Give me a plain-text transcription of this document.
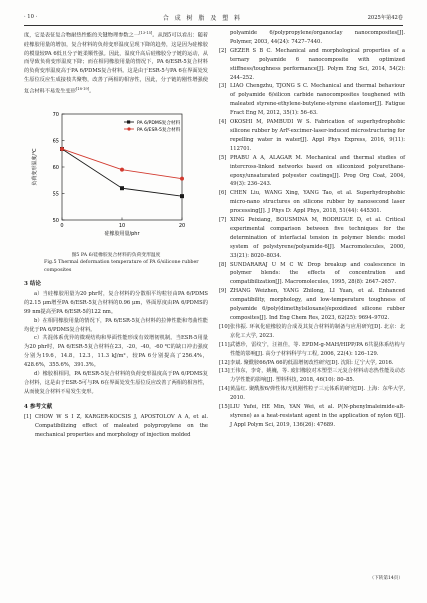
· 10 ·	合 成 树 脂 及 塑 料	2025年第42卷

度，它是表征复合物耐热性能的关键物理参数之一[13-15]。从图5可以看出：随着硅橡胶用量的增加，复合材料的负荷变形温度呈现下降的趋势，这是因为硅橡胶的模量较PA 6低且分子链柔顺性强。因此，温度升高后硅橡胶分子链的运动，从而导致负荷变形温度下降；而在相同橡胶用量的情况下，PA 6/ESR-5复合材料的负荷变形温度高于PA 6/PDMS复合材料。这是由于ESR-5与PA 6在界面处发生原位反应生成接枝共聚物，改善了两相的相容性，因此，分子链的刚性增强使复合材料不易发生变形[18-19]。

50
55
60
65
70
0	10	20
硅橡胶用量/phr
负荷变形温度/℃
PA 6/PDMS复合材料
PA 6/ESR-5复合材料
图5 PA 6/硅橡胶复合材料的负荷变形温度
Fig.5 Thermal deformation temperature of PA 6/silicone rubber composites
3 结论

a）当硅橡胶用量为20 phr时，复合材料的分散相平均粒径由PA 6/PDMS的2.15 μm增至PA 6/ESR-5复合材料的0.96 μm，界面厚度由PA 6/PDMS的99 nm提高至PA 6/ESR-5的122 nm。

b）在相同橡胶用量的情况下，PA 6/ESR-5复合材料的拉伸性能和弯曲性能均优于PA 6/PDMS复合材料。

c）共混体系优异的微观结构和界面性能形成有效增韧机制。当ESR-5用量为20 phr时，PA 6/ESR-5复合材料在23，-20，-40，-60 ℃的缺口冲击强度分别为19.6，14.8，12.3，11.3 kJ/m²，较PA 6分别提高了256.4%，428.6%，355.6%，391.3%。

d）橡胶相相同，PA 6/ESR-5复合材料的负荷变形温度高于PA 6/PDMS复合材料，这是由于ESR-5可与PA 6在界面处发生原位反应改善了两相的相容性，从而使复合材料不易发生变形。

4 参考文献
[1] CHOW W S I Z, KARGER-KOCSIS J, APOSTOLOV A A, et al. Compatibilizing effect of maleated polypropylene on the mechanical properties and morphology of injection molded
polyamide 6/polypropylene/organoclay nanocomposites[J]. Polymer, 2003, 44(24): 7427–7440.
[2] GEZER S B C. Mechanical and morphological properties of a ternary polyamide 6 nanocomposite with optimized stiffness/toughness performance[J]. Polym Eng Sci, 2014, 54(2): 244–252.
[3] LIAO Chengzhu, TJONG S C. Mechanical and thermal behaviour of polyamide 6/silicon carbide nanocomposites toughened with maleated styrene-ethylene-butylene-styrene elastomer[J]. Fatigue Fract Eng M, 2012, 35(1): 56–63.
[4] OKOSHI M, PAMBUDI W S. Fabrication of superhydrophobic silicone rubber by ArF-excimer-laser-induced microstructuring for repelling water in water[J]. Appl Phys Express, 2016, 9(11): 112701.
[5] PRABU A A, ALAGAR M. Mechanical and thermal studies of intercross-linked networks based on siliconized polyurethane-epoxy/unsaturated polyester coatings[J]. Prog Org Coat, 2004, 49(3): 236–243.
[6] CHEN Liu, WANG Xing, YANG Tao, et al. Superhydrophobic micro-nano structures on silicone rubber by nanosecond laser processing[J]. J Phys D: Appl Phys, 2018, 51(44): 445301.
[7] XING Peixiang, BOUSMINA M, RODRIGUE D, et al. Critical experimental comparison between five techniques for the determination of interfacial tension in polymer blends: model system of polystyrene/polyamide-6[J]. Macromolecules, 2000, 33(21): 8020–8034.
[8] SUNDARARAJ U M C W. Drop breakup and coalescence in polymer blends: the effects of concentration and compatibilization[J]. Macromolecules, 1995, 28(8): 2647–2657.
[9] ZHANG Weizhen, YANG Zhilong, LI Yuan, et al. Enhanced compatibility, morphology, and low-temperature toughness of polyamide 6/poly(dimethylsiloxane)/epoxidized silicone rubber composites[J]. Ind Eng Chem Res, 2023, 62(25): 9694–9702.
[10] 张伟振. 环氧化硅橡胶的合成及其复合材料的制备与应用研究[D]. 北京：北京化工大学, 2023.
[11] 武德珍，雷纹宁，汪祖佳，等. EPDM-g-MAH/HIPP/PA 6共混体系结构与性能的影响[J]. 高分子材料科学与工程, 2006, 22(4): 126–129.
[12] 李斌. 聚酰胺66/PA 66的低温增韧改性研究[D]. 沈阳: 辽宁大学, 2016.
[13] 王伟东，李奇，姚巍，等. 废旧橡胶对木塑型三元复合材料动态热性能及动态力学性能的影响[J]. 塑料科技, 2018, 46(10): 80–85.
[14] 黄晶红. 聚酰胺6/弹性体/无机刚性粒子三元体系的研究[D]. 上海：东华大学, 2010.
[15] LIU Yufei, HE Min, YAN Wei, et al. P(N-phenylmaleimide-alt-styrene) as a heat-resistant agent in the application of nylon 6[J]. J Appl Polym Sci, 2019, 136(26): 47689.
（下转第14页）
